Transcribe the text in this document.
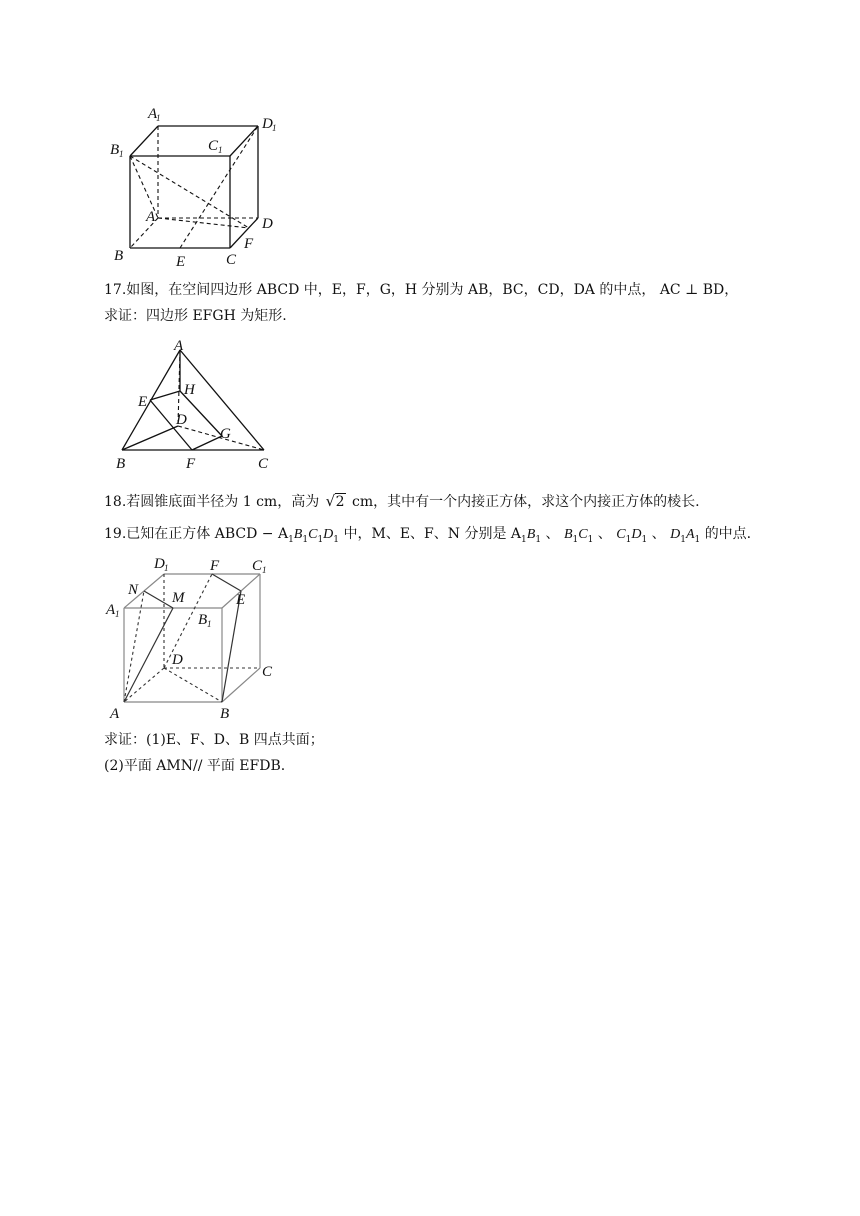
A
1	D 1
B 1	C 1
A	D
B	E	C
F
17.如图，在空间四边形 ABCD 中，E，F，G，H 分别为 AB，BC，CD，DA 的中点， AC ⊥ BD，
求证：四边形 EFGH 为矩形.
A
H
E
D
G
B	F	C
18.若圆锥底面半径为 1 cm，高为 √ 2 cm，其中有一个内接正方体，求这个内接正方体的棱长.
19.已知在正方体 ABCD − $A_1B_1C_1D_1$ 中，M、E、F、N 分别是 $A_1B_1$ 、 $B_1C_1$ 、 $C_1D_1$ 、 $D_1A_1$ 的中点.
D 1	F C 1
N
E
A 1
M
B 1
D
C
A	B
求证：(1)E、F、D、B 四点共面；
(2)平面 AMN// 平面 EFDB.
